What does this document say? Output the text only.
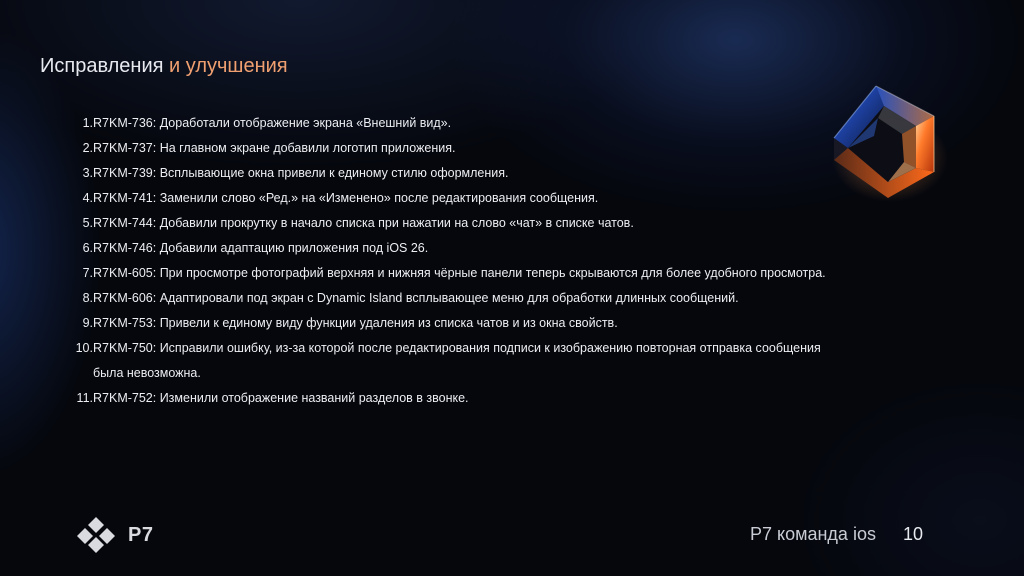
Исправления и улучшения
1. R7KM-736: Доработали отображение экрана «Внешний вид».
2. R7KM-737: На главном экране добавили логотип приложения.
3. R7KM-739: Всплывающие окна привели к единому стилю оформления.
4. R7KM-741: Заменили слово «Ред.» на «Изменено» после редактирования сообщения.
5. R7KM-744: Добавили прокрутку в начало списка при нажатии на слово «чат» в списке чатов.
6. R7KM-746: Добавили адаптацию приложения под iOS 26.
7. R7KM-605: При просмотре фотографий верхняя и нижняя чёрные панели теперь скрываются для более удобного просмотра.
8. R7KM-606: Адаптировали под экран с Dynamic Island всплывающее меню для обработки длинных сообщений.
9. R7KM-753: Привели к единому виду функции удаления из списка чатов и из окна свойств.
10. R7KM-750: Исправили ошибку, из-за которой после редактирования подписи к изображению повторная отправка сообщения была невозможна.
11. R7KM-752: Изменили отображение названий разделов в звонке.
P7	Р7 команда ios 10
